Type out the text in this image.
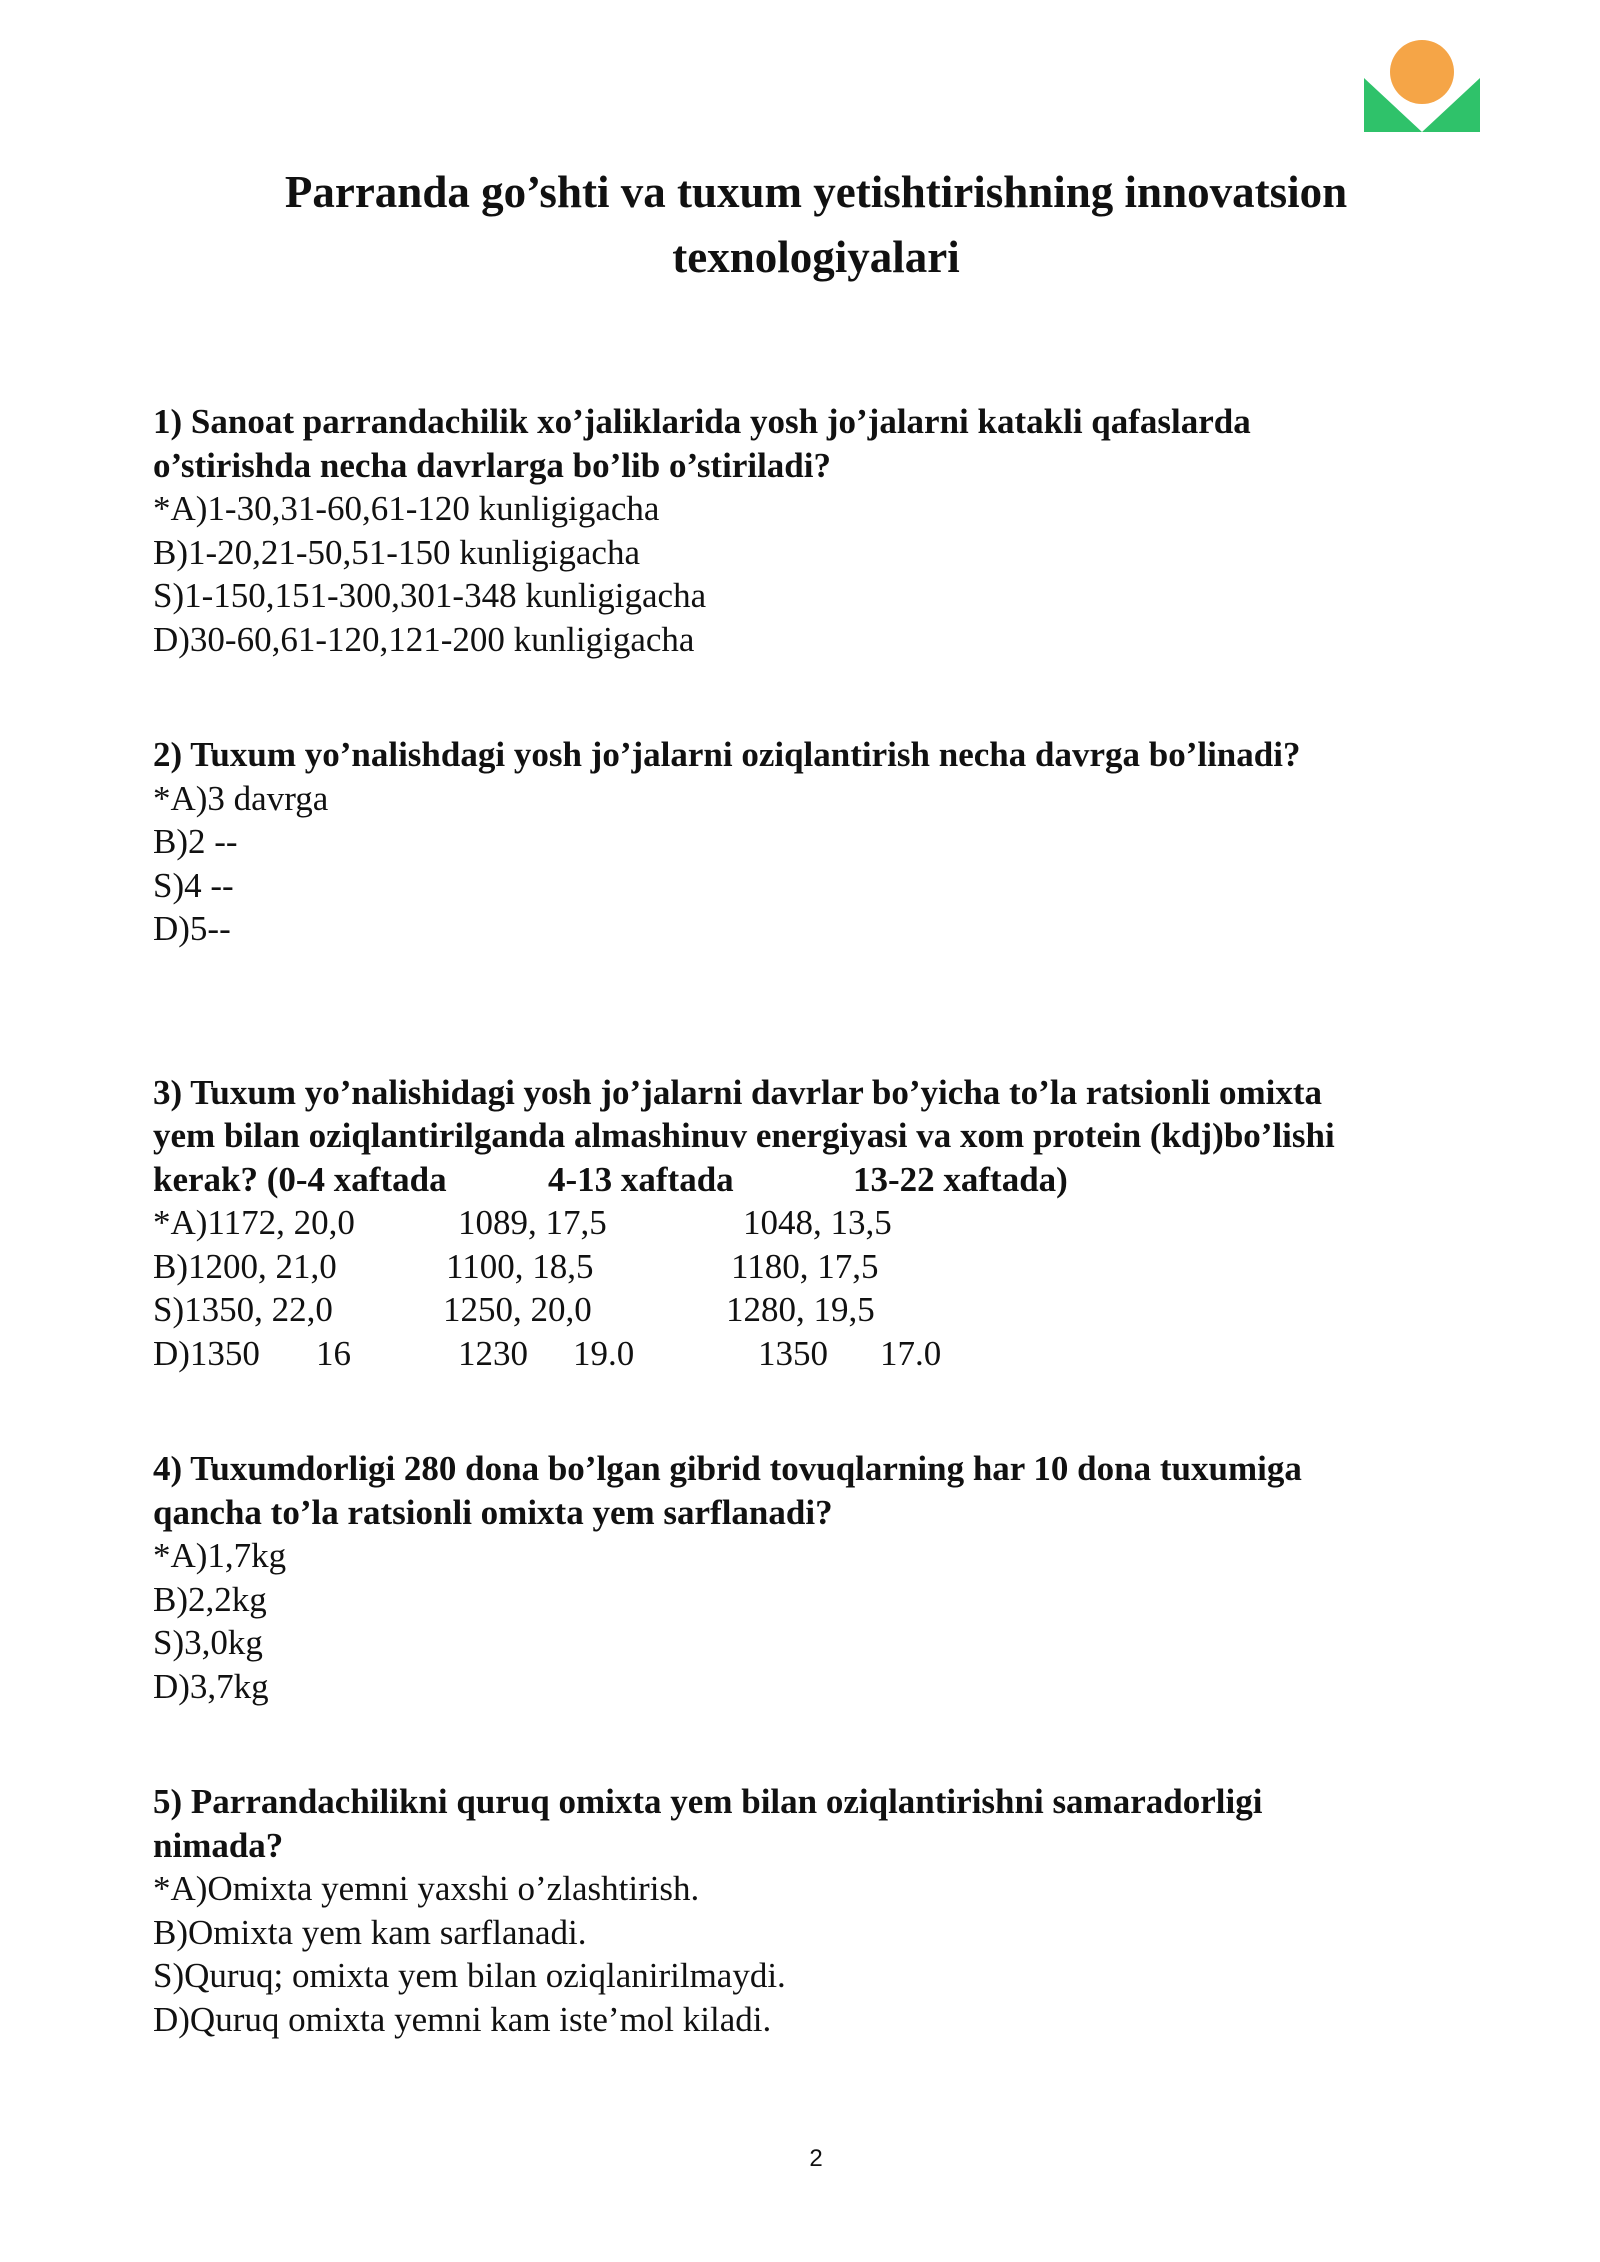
Parranda go’shti va tuxum yetishtirishning innovatsion
texnologiyalari
1) Sanoat parrandachilik xo’jaliklarida yosh jo’jalarni katakli qafaslarda
o’stirishda necha davrlarga bo’lib o’stiriladi?
*A)1-30,31-60,61-120 kunligigacha
B)1-20,21-50,51-150 kunligigacha
S)1-150,151-300,301-348 kunligigacha
D)30-60,61-120,121-200 kunligigacha
2) Tuxum yo’nalishdagi yosh jo’jalarni oziqlantirish necha davrga bo’linadi?
*A)3 davrga
B)2 --
S)4 --
D)5--
3) Tuxum yo’nalishidagi yosh jo’jalarni davrlar bo’yicha to’la ratsionli omixta
yem bilan oziqlantirilganda almashinuv energiyasi va xom protein (kdj)bo’lishi
kerak? (0-4 xaftada	4-13 xaftada	13-22 xaftada)
*A)1172, 20,0	1089, 17,5	1048, 13,5
B)1200, 21,0	1100, 18,5	1180, 17,5
S)1350, 22,0	1250, 20,0	1280, 19,5
D)1350 16	1230 19.0	1350 17.0
4) Tuxumdorligi 280 dona bo’lgan gibrid tovuqlarning har 10 dona tuxumiga
qancha to’la ratsionli omixta yem sarflanadi?
*A)1,7kg
B)2,2kg
S)3,0kg
D)3,7kg
5) Parrandachilikni quruq omixta yem bilan oziqlantirishni samaradorligi
nimada?
*A)Omixta yemni yaxshi o’zlashtirish.
B)Omixta yem kam sarflanadi.
S)Quruq; omixta yem bilan oziqlanirilmaydi.
D)Quruq omixta yemni kam iste’mol kiladi.
2
